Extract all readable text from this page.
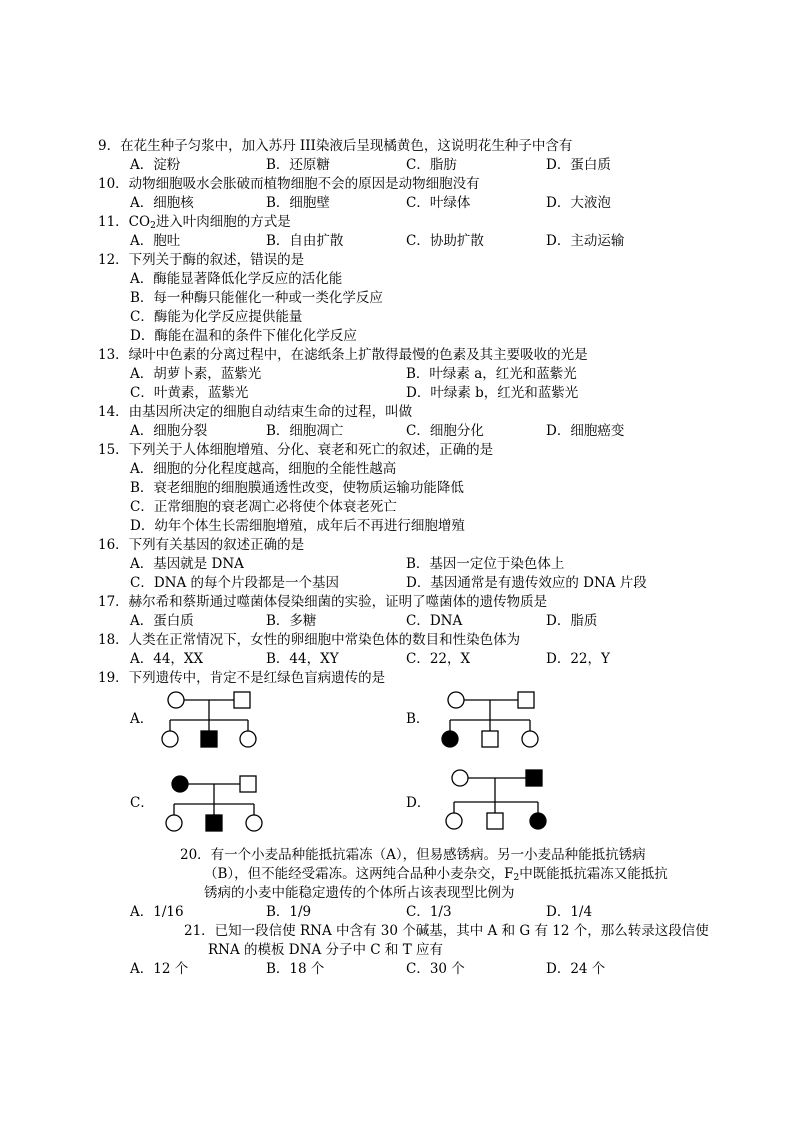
9．在花生种子匀浆中，加入苏丹 III染液后呈现橘黄色，这说明花生种子中含有
A．淀粉	B．还原糖	C．脂肪	D．蛋白质
10．动物细胞吸水会胀破而植物细胞不会的原因是动物细胞没有
A．细胞核	B．细胞壁	C．叶绿体	D．大液泡
11．$CO_2$进入叶肉细胞的方式是
A．胞吐	B．自由扩散	C．协助扩散	D．主动运输
12．下列关于酶的叙述，错误的是
A．酶能显著降低化学反应的活化能
B．每一种酶只能催化一种或一类化学反应
C．酶能为化学反应提供能量
D．酶能在温和的条件下催化化学反应
13．绿叶中色素的分离过程中，在滤纸条上扩散得最慢的色素及其主要吸收的光是
A．胡萝卜素，蓝紫光	B．叶绿素 a，红光和蓝紫光
C．叶黄素，蓝紫光	D．叶绿素 b，红光和蓝紫光
14．由基因所决定的细胞自动结束生命的过程，叫做
A．细胞分裂	B．细胞凋亡	C．细胞分化	D．细胞癌变
15．下列关于人体细胞增殖、分化、衰老和死亡的叙述，正确的是
A．细胞的分化程度越高，细胞的全能性越高
B．衰老细胞的细胞膜通透性改变，使物质运输功能降低
C．正常细胞的衰老凋亡必将使个体衰老死亡
D．幼年个体生长需细胞增殖，成年后不再进行细胞增殖
16．下列有关基因的叙述正确的是
A．基因就是 DNA	B．基因一定位于染色体上
C．DNA 的每个片段都是一个基因	D．基因通常是有遗传效应的 DNA 片段
17．赫尔希和蔡斯通过噬菌体侵染细菌的实验，证明了噬菌体的遗传物质是
A．蛋白质	B．多糖	C．DNA	D．脂质
18．人类在正常情况下，女性的卵细胞中常染色体的数目和性染色体为
A．44，XX	B．44，XY	C．22，X	D．22，Y
19．下列遗传中，肯定不是红绿色盲病遗传的是
A．	B．
C．	D．
20．有一个小麦品种能抵抗霜冻（A），但易感锈病。另一小麦品种能抵抗锈病
（B），但不能经受霜冻。这两纯合品种小麦杂交，$F_2$中既能抵抗霜冻又能抵抗
锈病的小麦中能稳定遗传的个体所占该表现型比例为
A．1/16	B．1/9	C．1/3	D．1/4
21．已知一段信使 RNA 中含有 30 个碱基，其中 A 和 G 有 12 个，那么转录这段信使
RNA 的模板 DNA 分子中 C 和 T 应有
A．12 个	B．18 个	C．30 个	D．24 个
